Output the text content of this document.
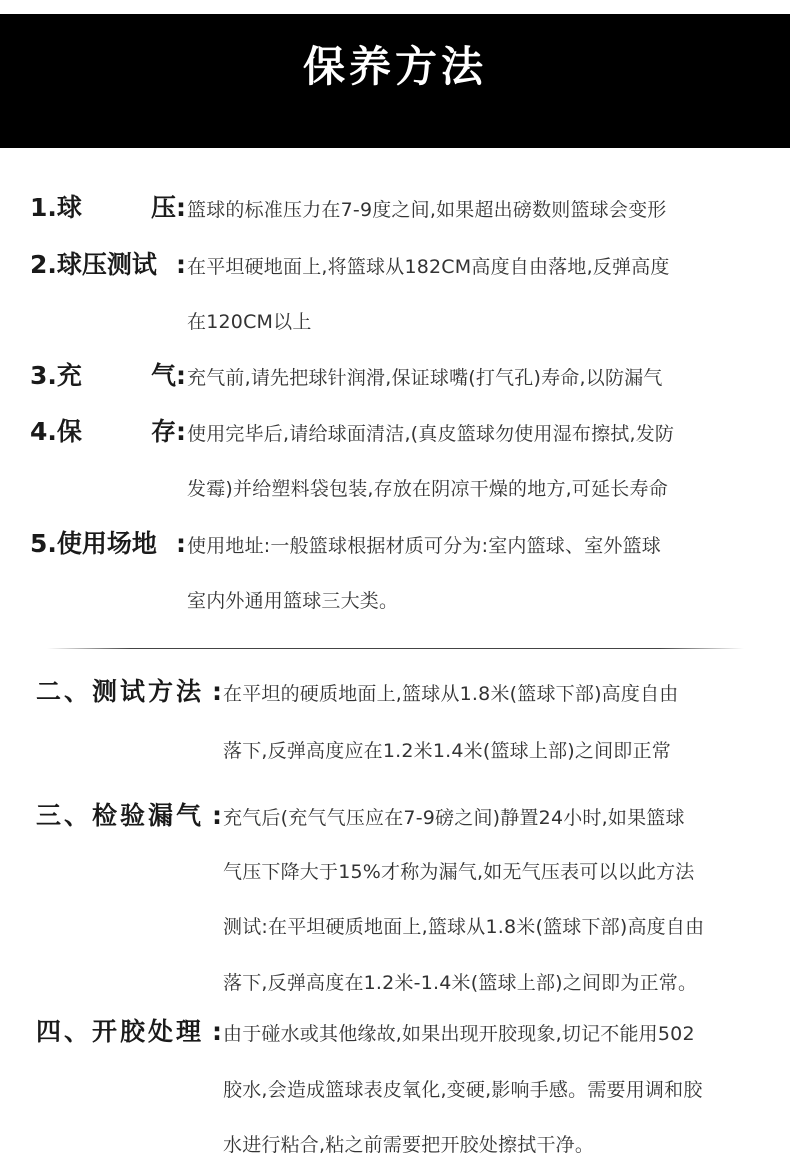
保养方法
1.球	压 : 篮球的标准压力在7-9度之间,如果超出磅数则篮球会变形
2.球压测试 : 在平坦硬地面上,将篮球从182CM高度自由落地,反弹高度
在120CM以上
3.充	气 : 充气前,请先把球针润滑,保证球嘴(打气孔)寿命,以防漏气
4.保	存 : 使用完毕后,请给球面清洁,(真皮篮球勿使用湿布擦拭,发防
发霉)并给塑料袋包装,存放在阴凉干燥的地方,可延长寿命
5.使用场地 : 使用地址:一般篮球根据材质可分为:室内篮球、室外篮球
室内外通用篮球三大类。
二、测试方法 : 在平坦的硬质地面上,篮球从1.8米(篮球下部)高度自由
落下,反弹高度应在1.2米1.4米(篮球上部)之间即正常
三、检验漏气 : 充气后(充气气压应在7-9磅之间)静置24小时,如果篮球
气压下降大于15%才称为漏气,如无气压表可以以此方法
测试:在平坦硬质地面上,篮球从1.8米(篮球下部)高度自由
落下,反弹高度在1.2米-1.4米(篮球上部)之间即为正常。
四、开胶处理 : 由于碰水或其他缘故,如果出现开胶现象,切记不能用502
胶水,会造成篮球表皮氧化,变硬,影响手感。需要用调和胶
水进行粘合,粘之前需要把开胶处擦拭干净。
